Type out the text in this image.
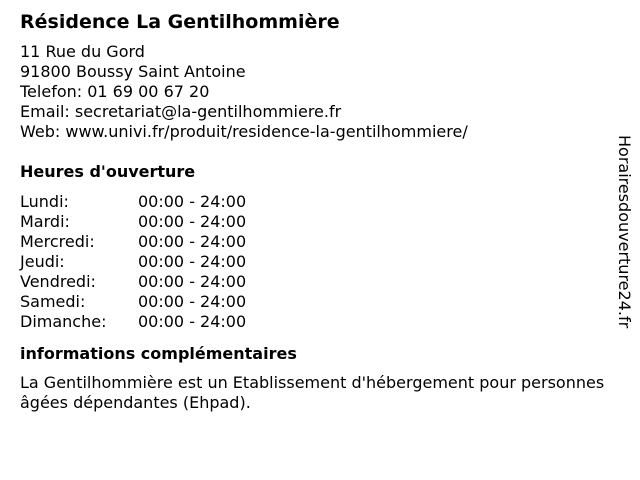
Résidence La Gentilhommière
11 Rue du Gord
91800 Boussy Saint Antoine
Telefon: 01 69 00 67 20
Email: secretariat@la-gentilhommiere.fr
Web: www.univi.fr/produit/residence-la-gentilhommiere/
Heures d'ouverture
Lundi:	00:00 - 24:00
Mardi:	00:00 - 24:00
Mercredi:	00:00 - 24:00
Jeudi:	00:00 - 24:00
Vendredi:	00:00 - 24:00
Samedi:	00:00 - 24:00
Dimanche:	00:00 - 24:00
informations complémentaires
La Gentilhommière est un Etablissement d'hébergement pour personnes âgées dépendantes (Ehpad).
Horairesdouverture24.fr
